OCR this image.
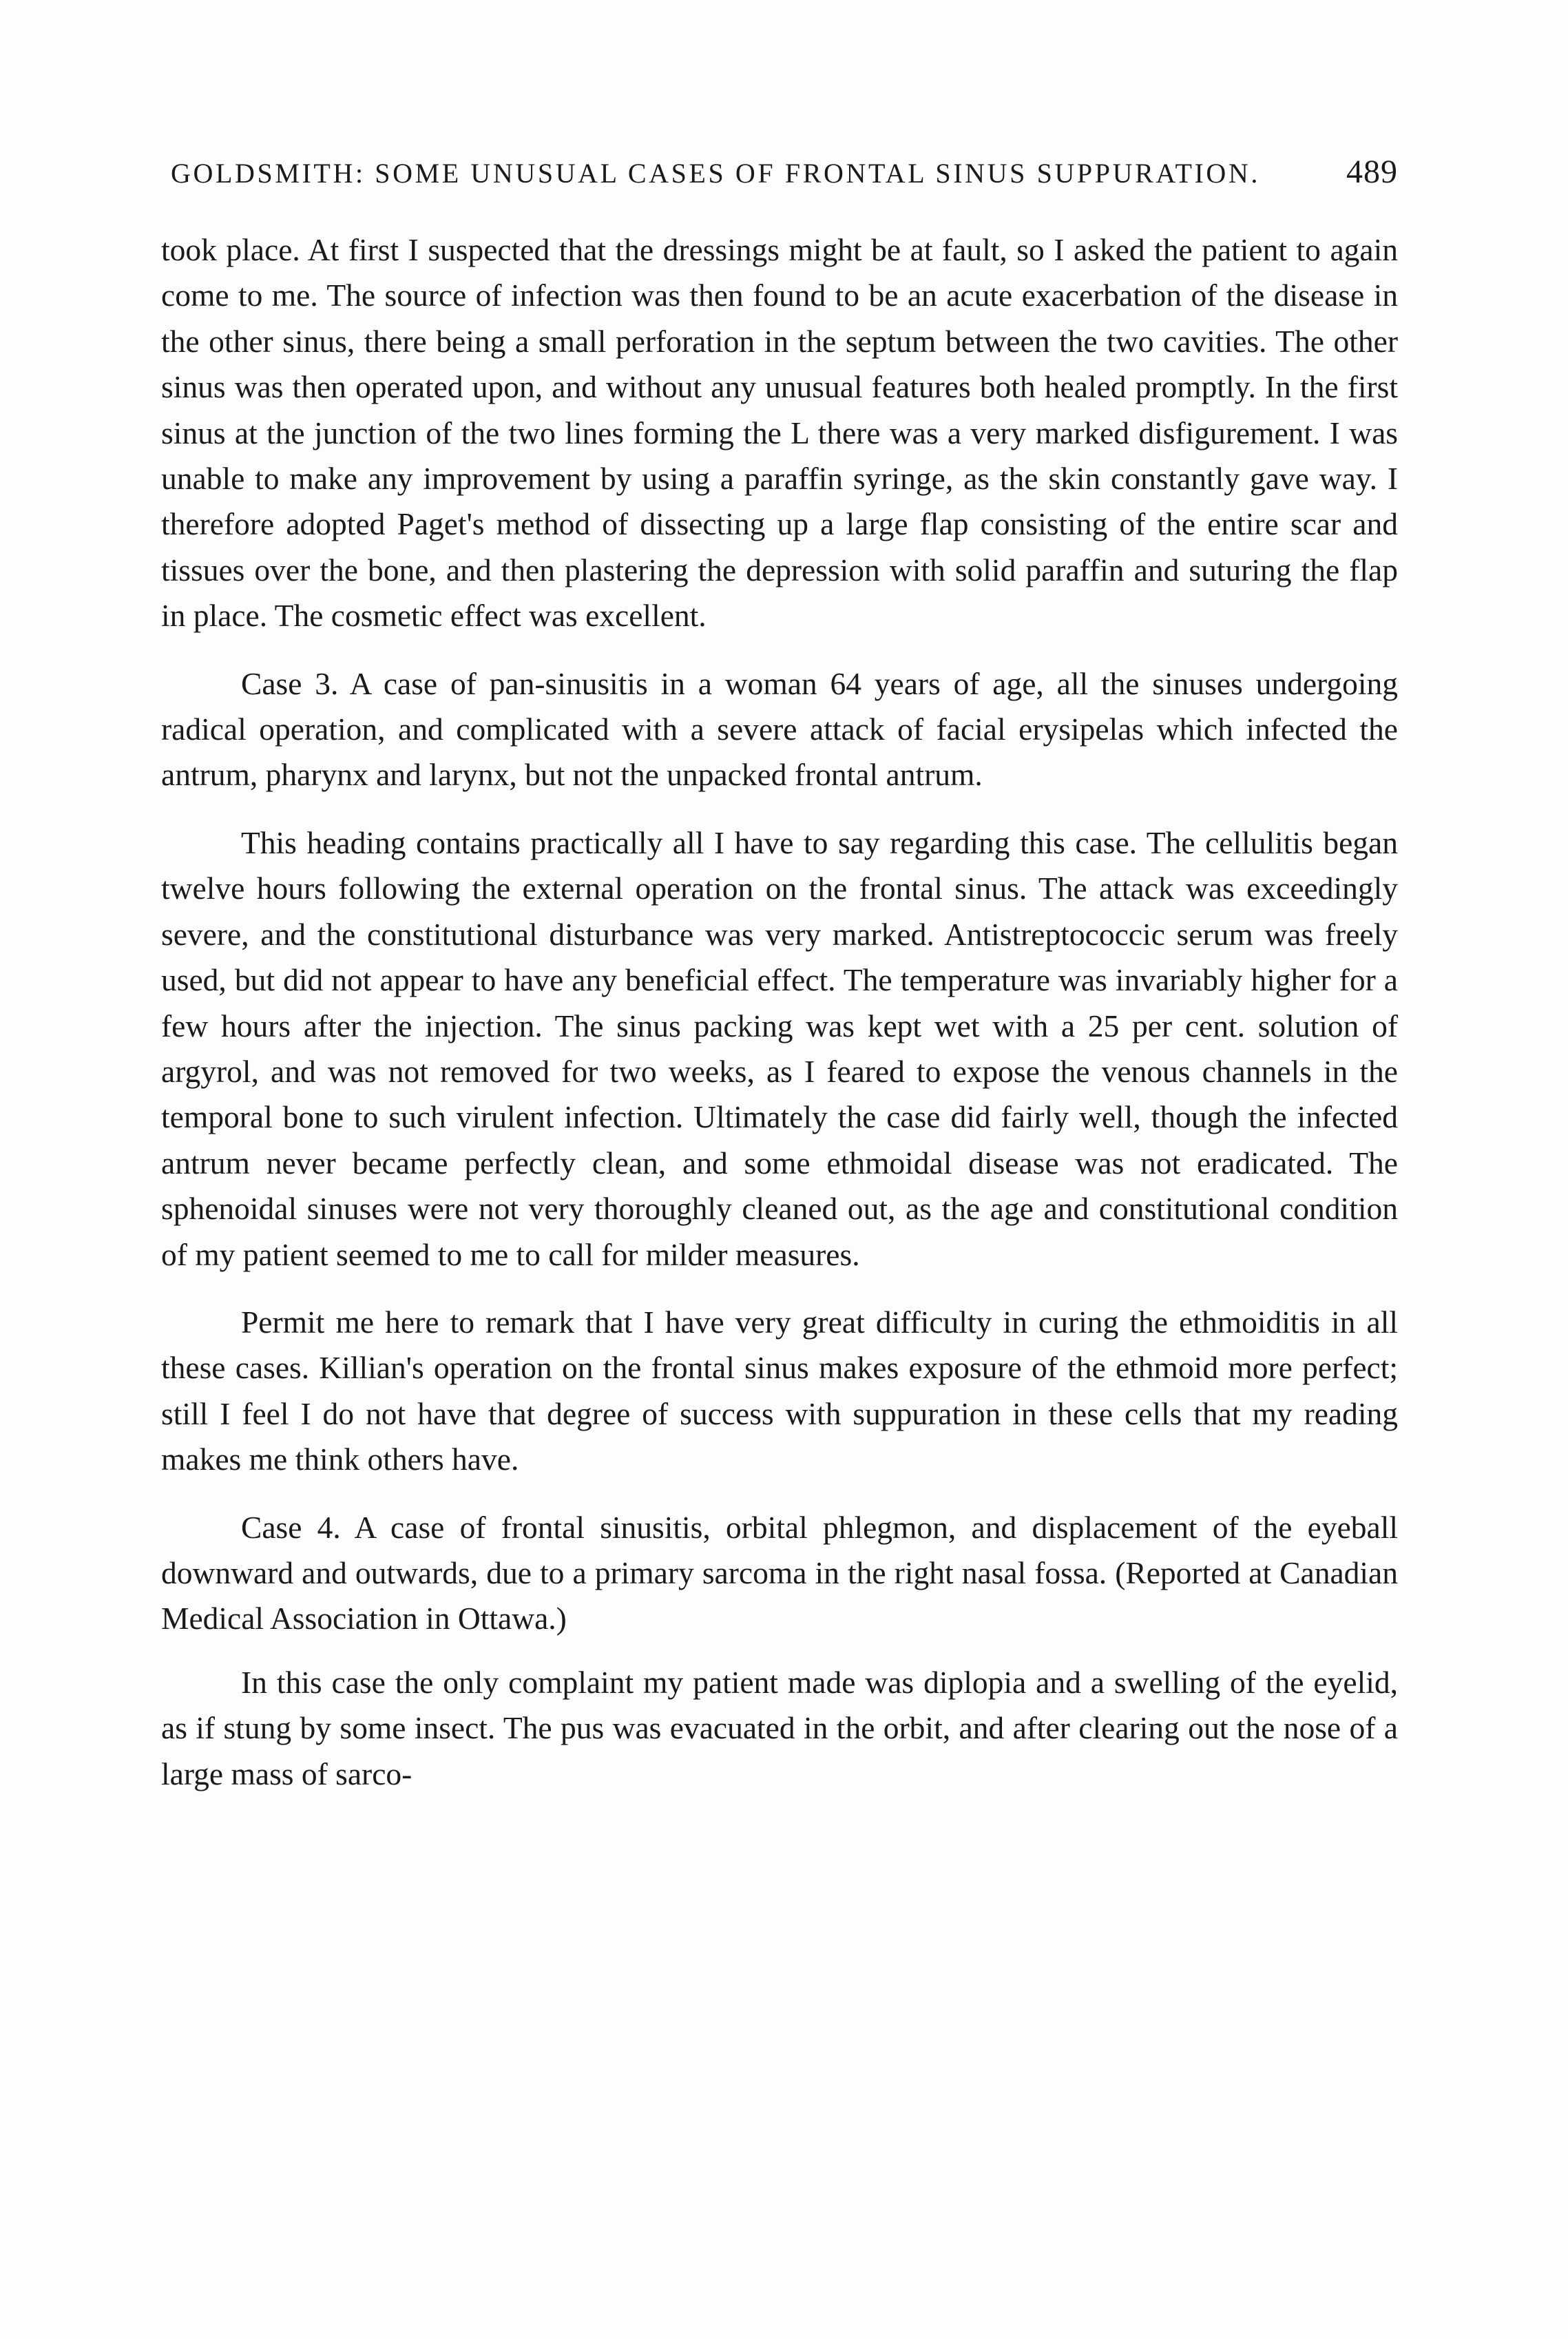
GOLDSMITH: SOME UNUSUAL CASES OF FRONTAL SINUS SUPPURATION.	489

took place. At first I suspected that the dressings might be at fault, so I asked the patient to again come to me. The source of infection was then found to be an acute exacerbation of the disease in the other sinus, there being a small perforation in the septum between the two cavities. The other sinus was then operated upon, and without any unusual features both healed promptly. In the first sinus at the junction of the two lines forming the L there was a very marked disfigurement. I was unable to make any improvement by using a paraffin syringe, as the skin constantly gave way. I therefore adopted Paget's method of dissecting up a large flap consisting of the entire scar and tissues over the bone, and then plastering the depression with solid paraffin and suturing the flap in place. The cosmetic effect was excellent.

Case 3. A case of pan-sinusitis in a woman 64 years of age, all the sinuses undergoing radical operation, and complicated with a severe attack of facial erysipelas which infected the antrum, pharynx and larynx, but not the unpacked frontal antrum.

This heading contains practically all I have to say regarding this case. The cellulitis began twelve hours following the external operation on the frontal sinus. The attack was exceedingly severe, and the constitutional disturbance was very marked. Antistreptococcic serum was freely used, but did not appear to have any beneficial effect. The temperature was invariably higher for a few hours after the injection. The sinus packing was kept wet with a 25 per cent. solution of argyrol, and was not removed for two weeks, as I feared to expose the venous channels in the temporal bone to such virulent infection. Ultimately the case did fairly well, though the infected antrum never became perfectly clean, and some ethmoidal disease was not eradicated. The sphenoidal sinuses were not very thoroughly cleaned out, as the age and constitutional condition of my patient seemed to me to call for milder measures.

Permit me here to remark that I have very great difficulty in curing the ethmoiditis in all these cases. Killian's operation on the frontal sinus makes exposure of the ethmoid more perfect; still I feel I do not have that degree of success with suppuration in these cells that my reading makes me think others have.

Case 4. A case of frontal sinusitis, orbital phlegmon, and displacement of the eyeball downward and outwards, due to a primary sarcoma in the right nasal fossa. (Reported at Canadian Medical Association in Ottawa.)

In this case the only complaint my patient made was diplopia and a swelling of the eyelid, as if stung by some insect. The pus was evacuated in the orbit, and after clearing out the nose of a large mass of sarco-
